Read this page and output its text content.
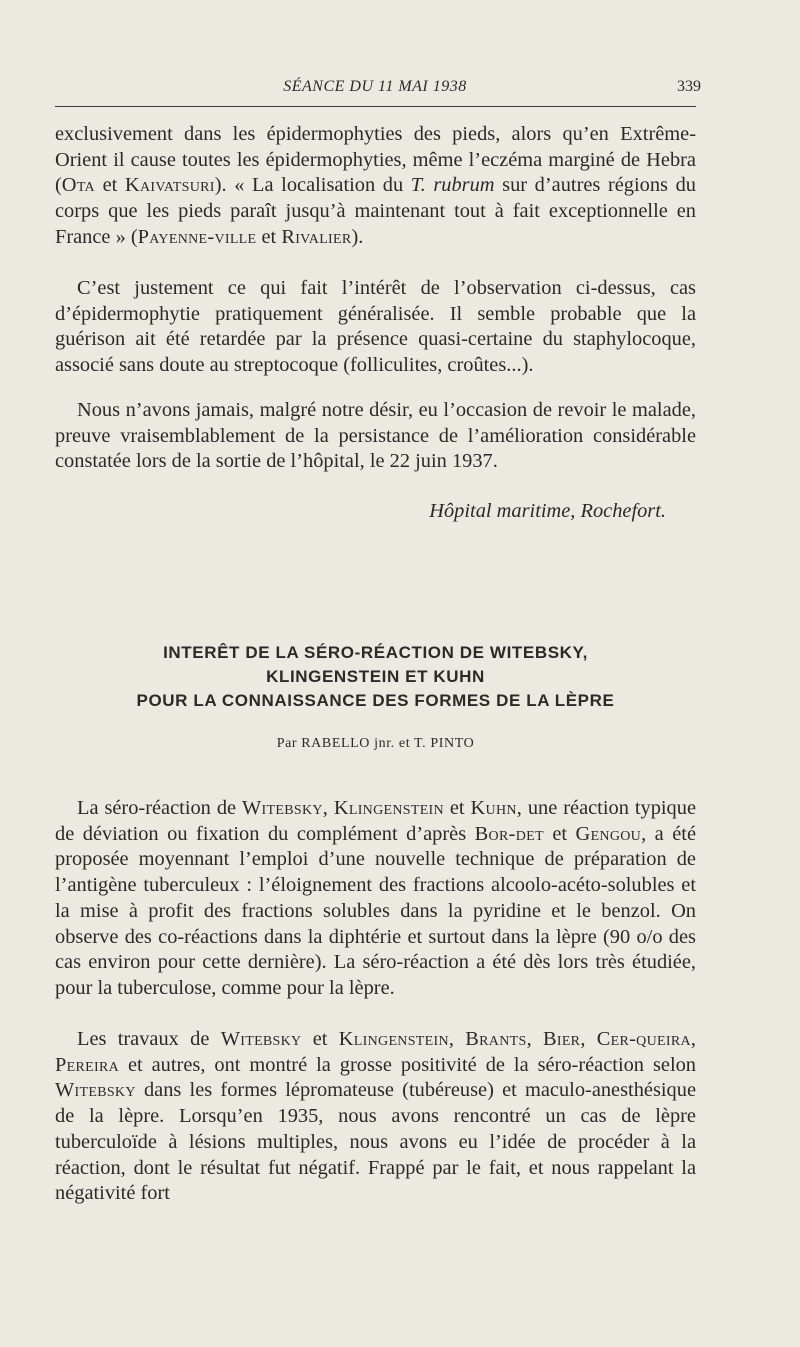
SÉANCE DU 11 MAI 1938	339

exclusivement dans les épidermophyties des pieds, alors qu’en Extrême-Orient il cause toutes les épidermophyties, même l’eczéma marginé de Hebra (Ota et Kaivatsuri). « La localisation du T. rubrum sur d’autres régions du corps que les pieds paraît jusqu’à maintenant tout à fait exceptionnelle en France » (Payenne-ville et Rivalier).

C’est justement ce qui fait l’intérêt de l’observation ci-dessus, cas d’épidermophytie pratiquement généralisée. Il semble probable que la guérison ait été retardée par la présence quasi-certaine du staphylocoque, associé sans doute au streptocoque (folliculites, croûtes...).

Nous n’avons jamais, malgré notre désir, eu l’occasion de revoir le malade, preuve vraisemblablement de la persistance de l’amélioration considérable constatée lors de la sortie de l’hôpital, le 22 juin 1937.

Hôpital maritime, Rochefort.
INTERÊT DE LA SÉRO-RÉACTION DE WITEBSKY,
KLINGENSTEIN ET KUHN
POUR LA CONNAISSANCE DES FORMES DE LA LÈPRE
Par RABELLO jnr. et T. PINTO

La séro-réaction de Witebsky, Klingenstein et Kuhn, une réaction typique de déviation ou fixation du complément d’après Bor-det et Gengou, a été proposée moyennant l’emploi d’une nouvelle technique de préparation de l’antigène tuberculeux : l’éloignement des fractions alcoolo-acéto-solubles et la mise à profit des fractions solubles dans la pyridine et le benzol. On observe des co-réactions dans la diphtérie et surtout dans la lèpre (90 o/o des cas environ pour cette dernière). La séro-réaction a été dès lors très étudiée, pour la tuberculose, comme pour la lèpre.

Les travaux de Witebsky et Klingenstein, Brants, Bier, Cer-queira, Pereira et autres, ont montré la grosse positivité de la séro-réaction selon Witebsky dans les formes lépromateuse (tubéreuse) et maculo-anesthésique de la lèpre. Lorsqu’en 1935, nous avons rencontré un cas de lèpre tuberculoïde à lésions multiples, nous avons eu l’idée de procéder à la réaction, dont le résultat fut négatif. Frappé par le fait, et nous rappelant la négativité fort
